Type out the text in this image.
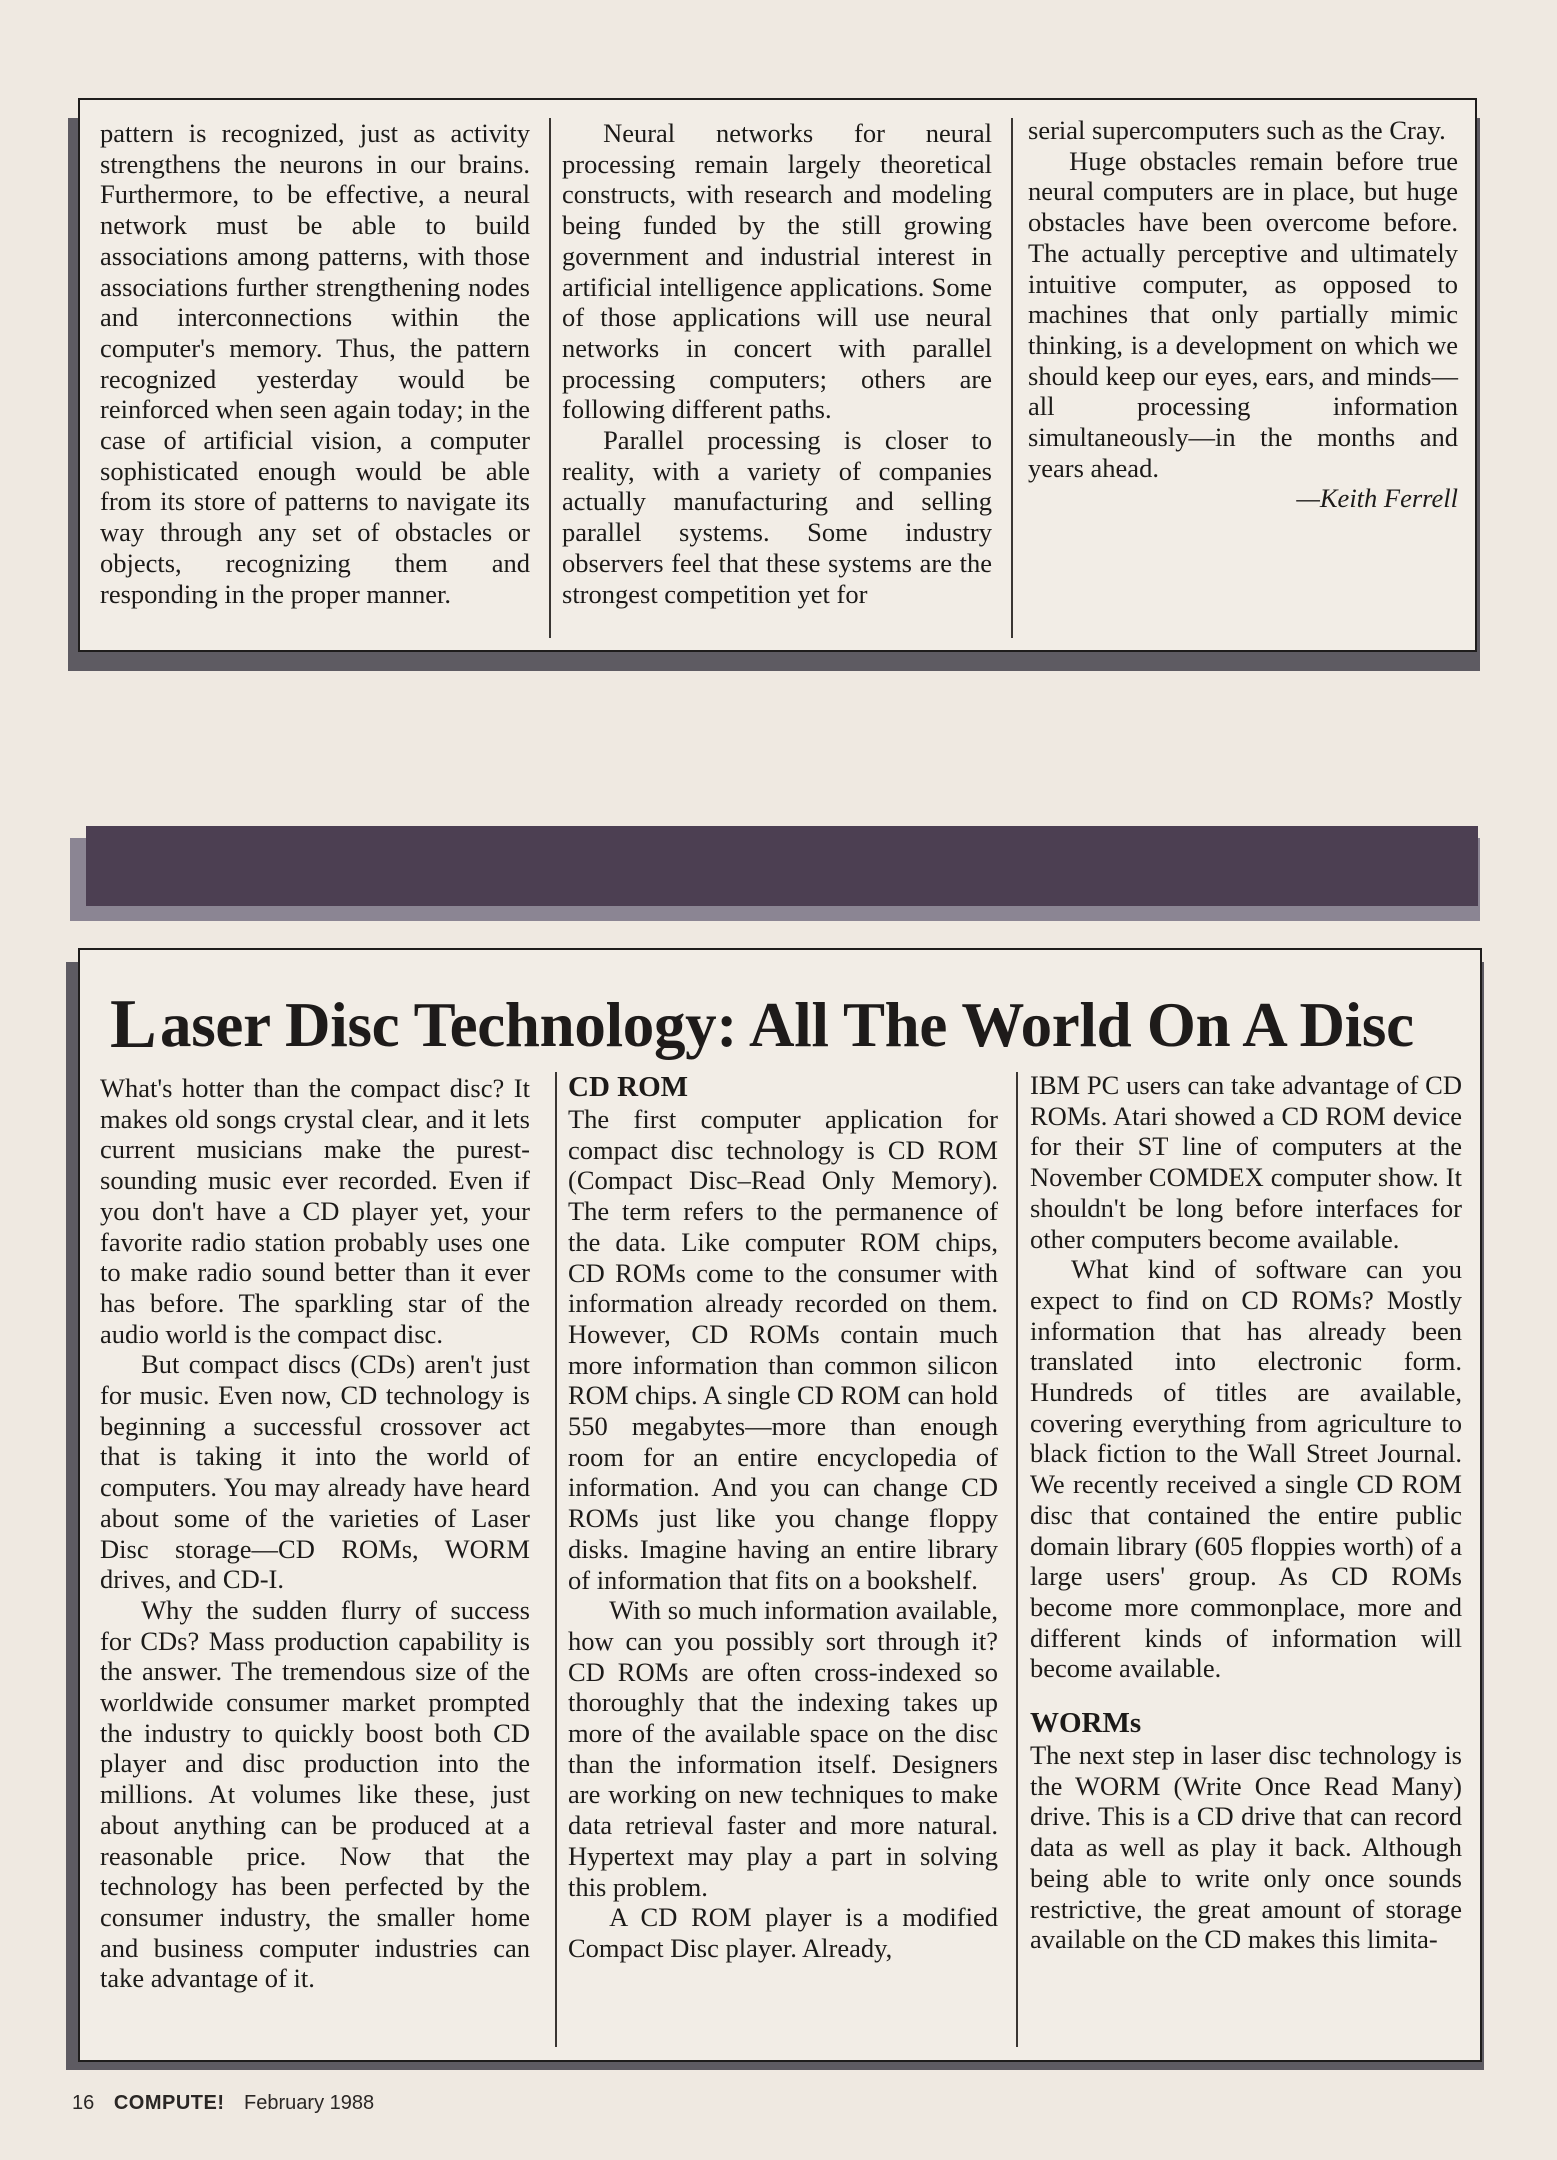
pattern is recognized, just as activity strengthens the neurons in our brains. Furthermore, to be effective, a neural network must be able to build associations among patterns, with those associations further strengthening nodes and interconnections within the computer's memory. Thus, the pattern recognized yesterday would be reinforced when seen again today; in the case of artificial vision, a computer sophisticated enough would be able from its store of patterns to navigate its way through any set of obstacles or objects, recognizing them and responding in the proper manner.

Neural networks for neural processing remain largely theoretical constructs, with research and modeling being funded by the still growing government and industrial interest in artificial intelligence applications. Some of those applications will use neural networks in concert with parallel processing computers; others are following different paths.

Parallel processing is closer to reality, with a variety of companies actually manufacturing and selling parallel systems. Some industry observers feel that these systems are the strongest competition yet for

serial supercomputers such as the Cray.

Huge obstacles remain before true neural computers are in place, but huge obstacles have been overcome before. The actually perceptive and ultimately intuitive computer, as opposed to machines that only partially mimic thinking, is a development on which we should keep our eyes, ears, and minds—all processing information simultaneously—in the months and years ahead.

—Keith Ferrell

L aser Disc Technology: All The World On A Disc

What's hotter than the compact disc? It makes old songs crystal clear, and it lets current musicians make the purest-sounding music ever recorded. Even if you don't have a CD player yet, your favorite radio station probably uses one to make radio sound better than it ever has before. The sparkling star of the audio world is the compact disc.

But compact discs (CDs) aren't just for music. Even now, CD technology is beginning a successful crossover act that is taking it into the world of computers. You may already have heard about some of the varieties of Laser Disc storage—CD ROMs, WORM drives, and CD-I.

Why the sudden flurry of success for CDs? Mass production capability is the answer. The tremendous size of the worldwide consumer market prompted the industry to quickly boost both CD player and disc production into the millions. At volumes like these, just about anything can be produced at a reasonable price. Now that the technology has been perfected by the consumer industry, the smaller home and business computer industries can take advantage of it.

CD ROM

The first computer application for compact disc technology is CD ROM (Compact Disc–Read Only Memory). The term refers to the permanence of the data. Like computer ROM chips, CD ROMs come to the consumer with information already recorded on them. However, CD ROMs contain much more information than common silicon ROM chips. A single CD ROM can hold 550 megabytes—more than enough room for an entire encyclopedia of information. And you can change CD ROMs just like you change floppy disks. Imagine having an entire library of information that fits on a bookshelf.

With so much information available, how can you possibly sort through it? CD ROMs are often cross-indexed so thoroughly that the indexing takes up more of the available space on the disc than the information itself. Designers are working on new techniques to make data retrieval faster and more natural. Hypertext may play a part in solving this problem.

A CD ROM player is a modified Compact Disc player. Already,

IBM PC users can take advantage of CD ROMs. Atari showed a CD ROM device for their ST line of computers at the November COMDEX computer show. It shouldn't be long before interfaces for other computers become available.

What kind of software can you expect to find on CD ROMs? Mostly information that has already been translated into electronic form. Hundreds of titles are available, covering everything from agriculture to black fiction to the Wall Street Journal. We recently received a single CD ROM disc that contained the entire public domain library (605 floppies worth) of a large users' group. As CD ROMs become more commonplace, more and different kinds of information will become available.

WORMs

The next step in laser disc technology is the WORM (Write Once Read Many) drive. This is a CD drive that can record data as well as play it back. Although being able to write only once sounds restrictive, the great amount of storage available on the CD makes this limita-

16 COMPUTE! February 1988
